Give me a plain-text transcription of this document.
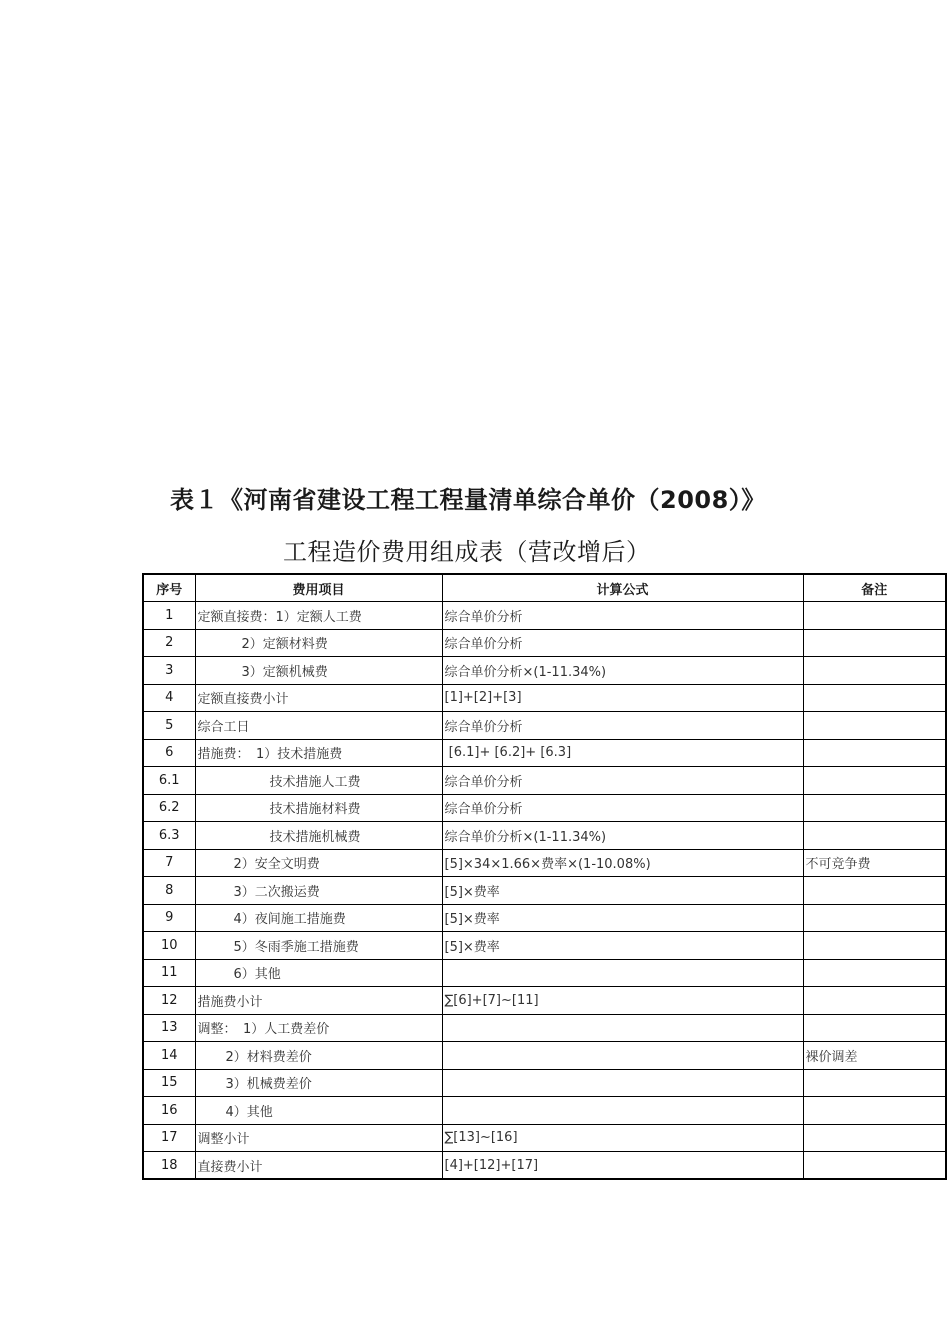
表１《河南省建设工程工程量清单综合单价（2008）》
工程造价费用组成表（营改增后）
序号	费用项目	计算公式	备注
1	定额直接费：1）定额人工费	综合单价分析	
2	2）定额材料费	综合单价分析	
3	3）定额机械费	综合单价分析×(1-11.34%)	
4	定额直接费小计	[1]+[2]+[3]	
5	综合工日	综合单价分析	
6	措施费：　1）技术措施费	[6.1]+ [6.2]+ [6.3]	
6.1	技术措施人工费	综合单价分析	
6.2	技术措施材料费	综合单价分析	
6.3	技术措施机械费	综合单价分析×(1-11.34%)	
7	2）安全文明费	[5]×34×1.66×费率×(1-10.08%)	不可竞争费
8	3）二次搬运费	[5]×费率	
9	4）夜间施工措施费	[5]×费率	
10	5）冬雨季施工措施费	[5]×费率	
11	6）其他		
12	措施费小计	∑[6]+[7]~[11]	
13	调整：　1）人工费差价		
14	2）材料费差价		裸价调差
15	3）机械费差价		
16	4）其他		
17	调整小计	∑[13]~[16]	
18	直接费小计	[4]+[12]+[17]	
